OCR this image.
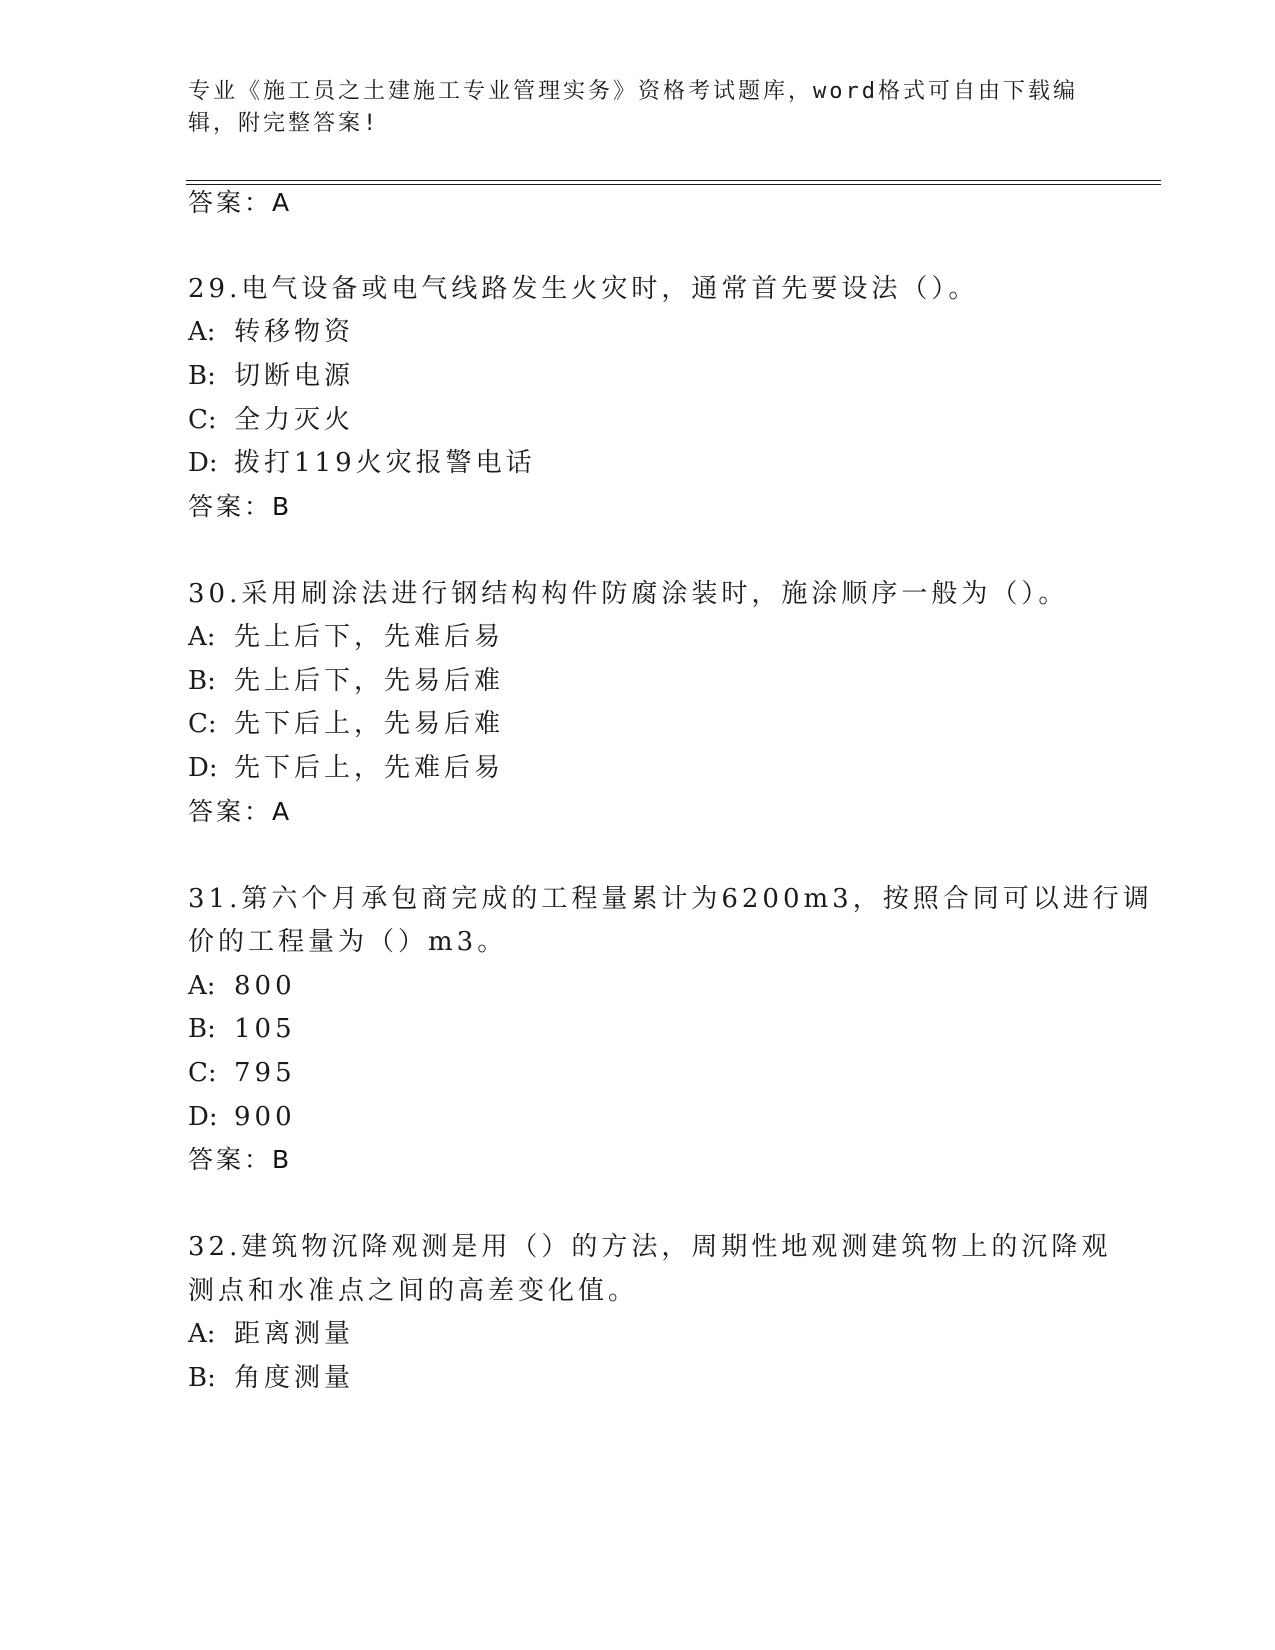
专业《施工员之土建施工专业管理实务》资格考试题库，word格式可自由下载编
辑，附完整答案!

答案：A

29.电气设备或电气线路发生火灾时，通常首先要设法（）。

A: 转移物资

B: 切断电源

C: 全力灭火

D: 拨打119火灾报警电话

答案：B

30.采用刷涂法进行钢结构构件防腐涂装时，施涂顺序一般为（）。

A: 先上后下，先难后易

B: 先上后下，先易后难

C: 先下后上，先易后难

D: 先下后上，先难后易

答案：A

31.第六个月承包商完成的工程量累计为6200m3，按照合同可以进行调

价的工程量为（）m3。

A: 800

B: 105

C: 795

D: 900

答案：B

32.建筑物沉降观测是用（）的方法，周期性地观测建筑物上的沉降观

测点和水准点之间的高差变化值。

A: 距离测量

B: 角度测量
